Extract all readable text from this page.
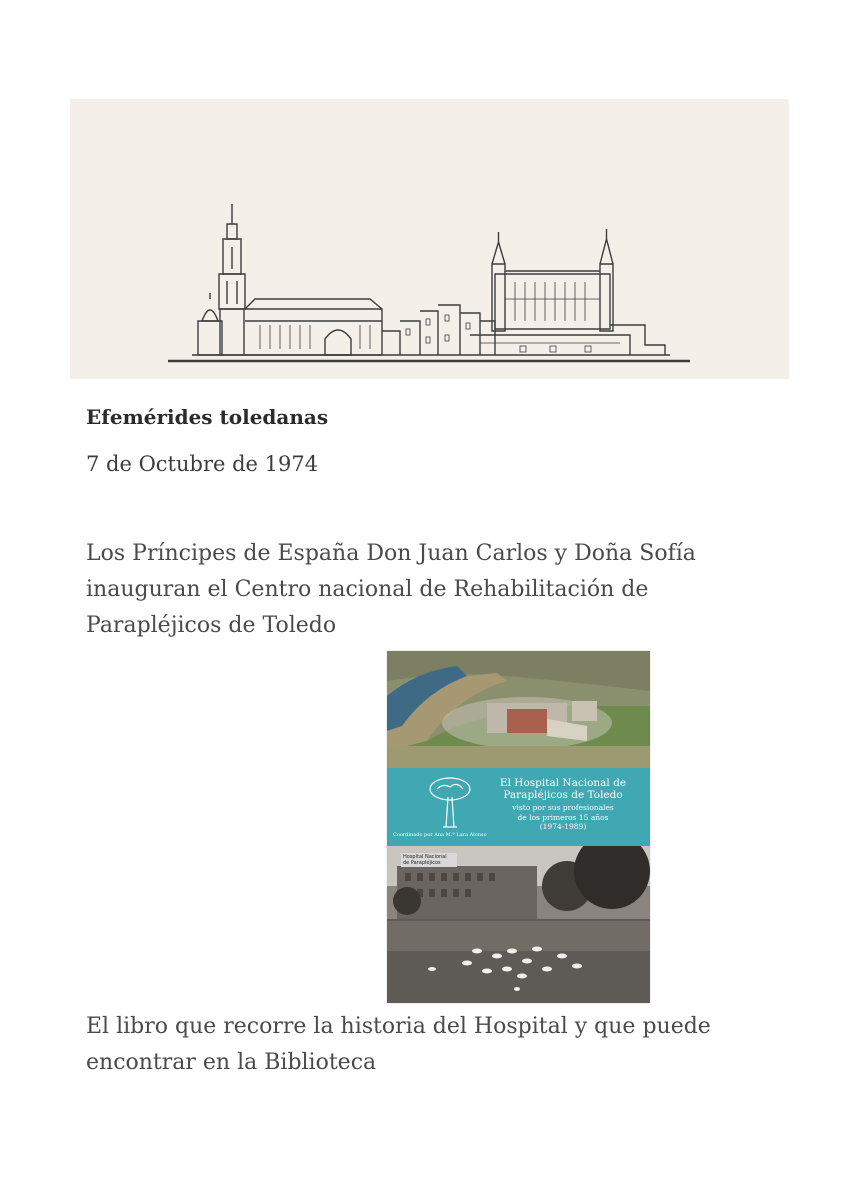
Efemérides toledanas
7 de Octubre de 1974
Los Príncipes de España Don Juan Carlos y Doña Sofía inauguran el Centro nacional de Rehabilitación de Parapléjicos de Toledo
El Hospital Nacional de
Parapléjicos de Toledo
visto por sus profesionales
de los primeros 15 años
(1974-1989)
Coordinado por Ana M.ª Lara Alonso
Hospital Nacional
de Parapléjicos
El libro que recorre la historia del Hospital y que puede encontrar en la Biblioteca
